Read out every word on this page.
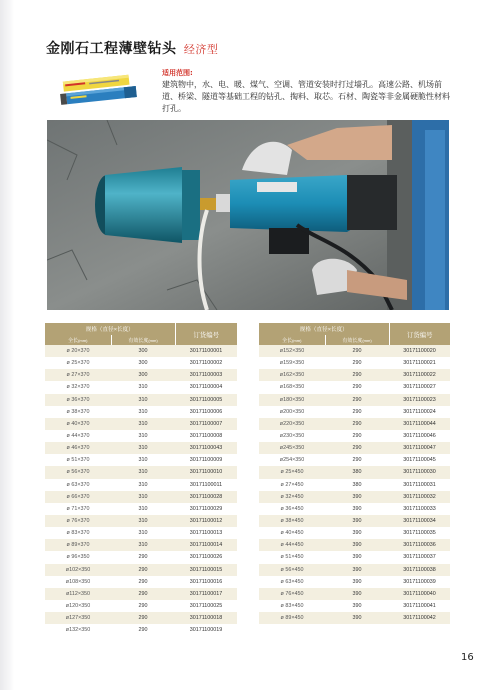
金刚石工程薄壁钻头 经济型
适用范围:
建筑物中，水、电、暖、煤气、空调、管道安装时打过墙孔。高速公路、机场前道、桥梁、隧道等基础工程的钻孔、掏料、取芯。石材、陶瓷等非金属硬脆性材料打孔。
规格（直径×长度）		订货编号
全长(mm)	有效长度(mm)	
ø 20×370	300	30171100001
ø 25×370	300	30171100002
ø 27×370	300	30171100003
ø 32×370	310	30171100004
ø 36×370	310	30171100005
ø 38×370	310	30171100006
ø 40×370	310	30171100007
ø 44×370	310	30171100008
ø 46×370	310	30171100043
ø 51×370	310	30171100009
ø 56×370	310	30171100010
ø 63×370	310	30171100011
ø 66×370	310	30171100028
ø 71×370	310	30171100029
ø 76×370	310	30171100012
ø 83×370	310	30171100013
ø 89×370	310	30171100014
ø 96×350	290	30171100026
ø102×350	290	30171100015
ø108×350	290	30171100016
ø112×350	290	30171100017
ø120×350	290	30171100025
ø127×350	290	30171100018
ø132×350	290	30171100019
规格（直径×长度）		订货编号
全长(mm)	有效长度(mm)	
ø152×350	290	30171100020
ø159×350	290	30171100021
ø162×350	290	30171100022
ø168×350	290	30171100027
ø180×350	290	30171100023
ø200×350	290	30171100024
ø220×350	290	30171100044
ø230×350	290	30171100046
ø245×350	290	30171100047
ø254×350	290	30171100045
ø 25×450	380	30171100030
ø 27×450	380	30171100031
ø 32×450	390	30171100032
ø 36×450	390	30171100033
ø 38×450	390	30171100034
ø 40×450	390	30171100035
ø 44×450	390	30171100036
ø 51×450	390	30171100037
ø 56×450	390	30171100038
ø 63×450	390	30171100039
ø 76×450	390	30171100040
ø 83×450	390	30171100041
ø 89×450	390	30171100042
16
